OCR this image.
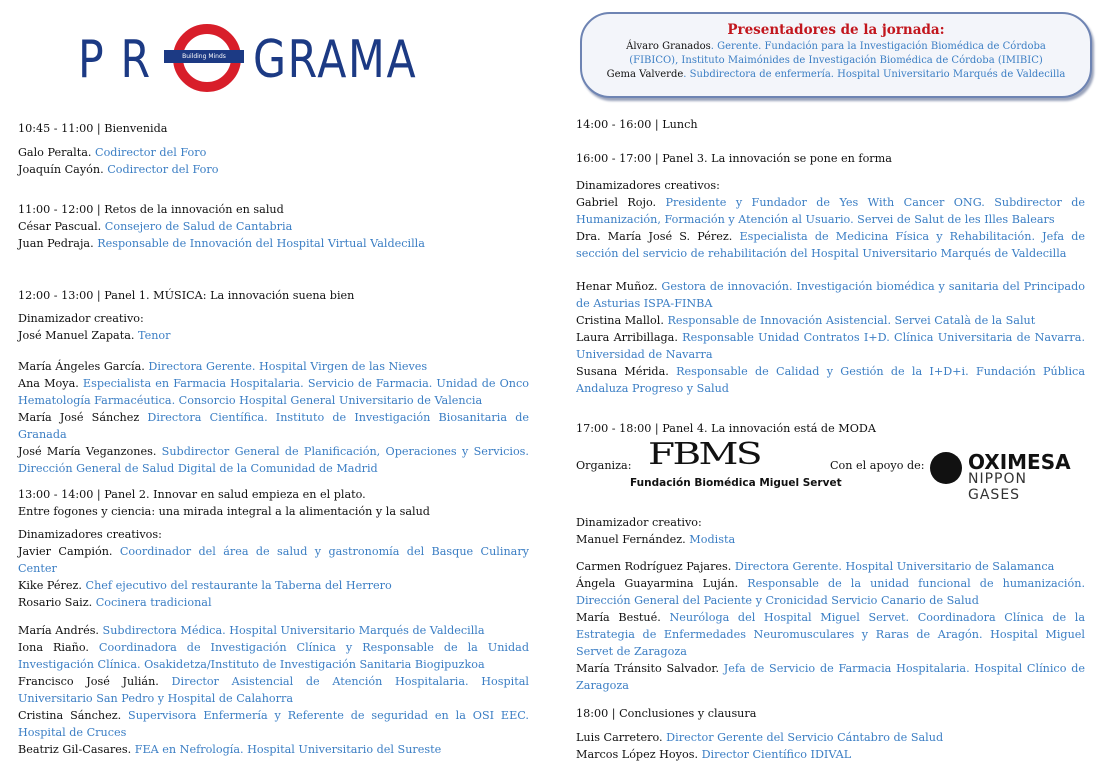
P R	Building Minds GRAMA	Presentadores de la jornada:
Álvaro Granados. Gerente. Fundación para la Investigación Biomédica de Córdoba (FIBICO), Instituto Maimónides de Investigación Biomédica de Córdoba (IMIBIC)
Gema Valverde. Subdirectora de enfermería. Hospital Universitario Marqués de Valdecilla
10:45 - 11:00 | Bienvenida
Galo Peralta. Codirector del Foro
Joaquín Cayón. Codirector del Foro
11:00 - 12:00 | Retos de la innovación en salud
César Pascual. Consejero de Salud de Cantabria
Juan Pedraja. Responsable de Innovación del Hospital Virtual Valdecilla
12:00 - 13:00 | Panel 1. MÚSICA: La innovación suena bien
Dinamizador creativo:
José Manuel Zapata. Tenor
María Ángeles García. Directora Gerente. Hospital Virgen de las Nieves
Ana Moya. Especialista en Farmacia Hospitalaria. Servicio de Farmacia. Unidad de Onco Hematología Farmacéutica. Consorcio Hospital General Universitario de Valencia
María José Sánchez Directora Científica. Instituto de Investigación Biosanitaria de Granada
José María Veganzones. Subdirector General de Planificación, Operaciones y Servicios. Dirección General de Salud Digital de la Comunidad de Madrid
13:00 - 14:00 | Panel 2. Innovar en salud empieza en el plato.
Entre fogones y ciencia: una mirada integral a la alimentación y la salud
Dinamizadores creativos:
Javier Campión. Coordinador del área de salud y gastronomía del Basque Culinary Center
Kike Pérez. Chef ejecutivo del restaurante la Taberna del Herrero
Rosario Saiz. Cocinera tradicional
María Andrés. Subdirectora Médica. Hospital Universitario Marqués de Valdecilla
Iona Riaño. Coordinadora de Investigación Clínica y Responsable de la Unidad Investigación Clínica. Osakidetza/Instituto de Investigación Sanitaria Biogipuzkoa
Francisco José Julián. Director Asistencial de Atención Hospitalaria. Hospital Universitario San Pedro y Hospital de Calahorra
Cristina Sánchez. Supervisora Enfermería y Referente de seguridad en la OSI EEC. Hospital de Cruces
Beatriz Gil-Casares. FEA en Nefrología. Hospital Universitario del Sureste
14:00 - 16:00 | Lunch
16:00 - 17:00 | Panel 3. La innovación se pone en forma
Dinamizadores creativos:
Gabriel Rojo. Presidente y Fundador de Yes With Cancer ONG. Subdirector de Humanización, Formación y Atención al Usuario. Servei de Salut de les Illes Balears
Dra. María José S. Pérez. Especialista de Medicina Física y Rehabilitación. Jefa de sección del servicio de rehabilitación del Hospital Universitario Marqués de Valdecilla
Henar Muñoz. Gestora de innovación. Investigación biomédica y sanitaria del Principado de Asturias ISPA-FINBA
Cristina Mallol. Responsable de Innovación Asistencial. Servei Català de la Salut
Laura Arribillaga. Responsable Unidad Contratos I+D. Clínica Universitaria de Navarra. Universidad de Navarra
Susana Mérida. Responsable de Calidad y Gestión de la I+D+i. Fundación Pública Andaluza Progreso y Salud
17:00 - 18:00 | Panel 4. La innovación está de MODA
Organiza:	Con el apoyo de:
Dinamizador creativo:
Manuel Fernández. Modista
Carmen Rodríguez Pajares. Directora Gerente. Hospital Universitario de Salamanca
Ángela Guayarmina Luján. Responsable de la unidad funcional de humanización. Dirección General del Paciente y Cronicidad Servicio Canario de Salud
María Bestué. Neuróloga del Hospital Miguel Servet. Coordinadora Clínica de la Estrategia de Enfermedades Neuromusculares y Raras de Aragón. Hospital Miguel Servet de Zaragoza
María Tránsito Salvador. Jefa de Servicio de Farmacia Hospitalaria. Hospital Clínico de Zaragoza
18:00 | Conclusiones y clausura
Luis Carretero. Director Gerente del Servicio Cántabro de Salud
Marcos López Hoyos. Director Científico IDIVAL
FBMS
Fundación Biomédica Miguel Servet
OXIMESA
NIPPON GASES
